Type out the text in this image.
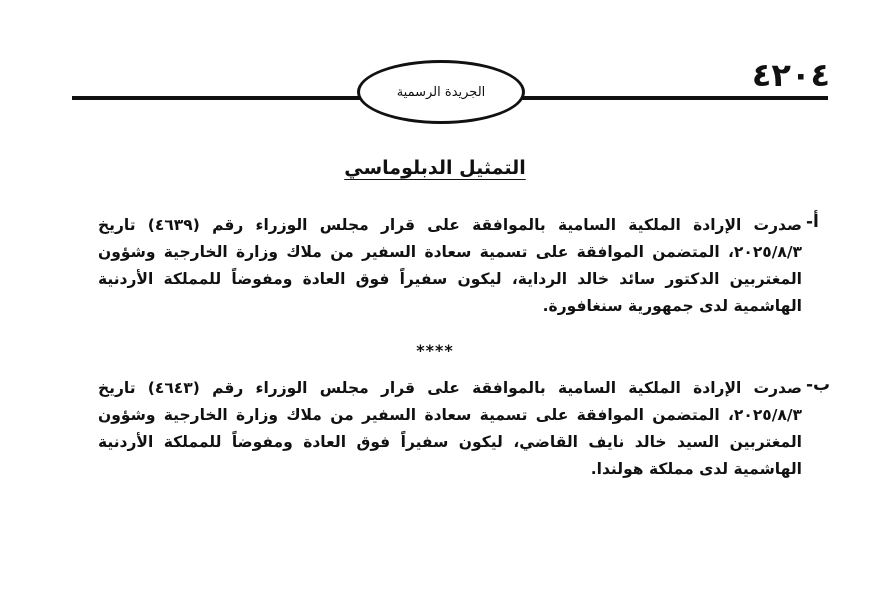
٤٢٠٤
الجريدة الرسمية
التمثيل الدبلوماسي
أ-

صدرت الإرادة الملكية السامية بالموافقة على قرار مجلس الوزراء رقم (٤٦٣٩) تاريخ ٢٠٢٥/٨/٣، المتضمن الموافقة على تسمية سعادة السفير من ملاك وزارة الخارجية وشؤون المغتربين الدكتور سائد خالد الرداية، ليكون سفيراً فوق العادة ومفوضاً للمملكة الأردنية الهاشمية لدى جمهورية سنغافورة.

****
ب-

صدرت الإرادة الملكية السامية بالموافقة على قرار مجلس الوزراء رقم (٤٦٤٣) تاريخ ٢٠٢٥/٨/٣، المتضمن الموافقة على تسمية سعادة السفير من ملاك وزارة الخارجية وشؤون المغتربين السيد خالد نايف القاضي، ليكون سفيراً فوق العادة ومفوضاً للمملكة الأردنية الهاشمية لدى مملكة هولندا.
